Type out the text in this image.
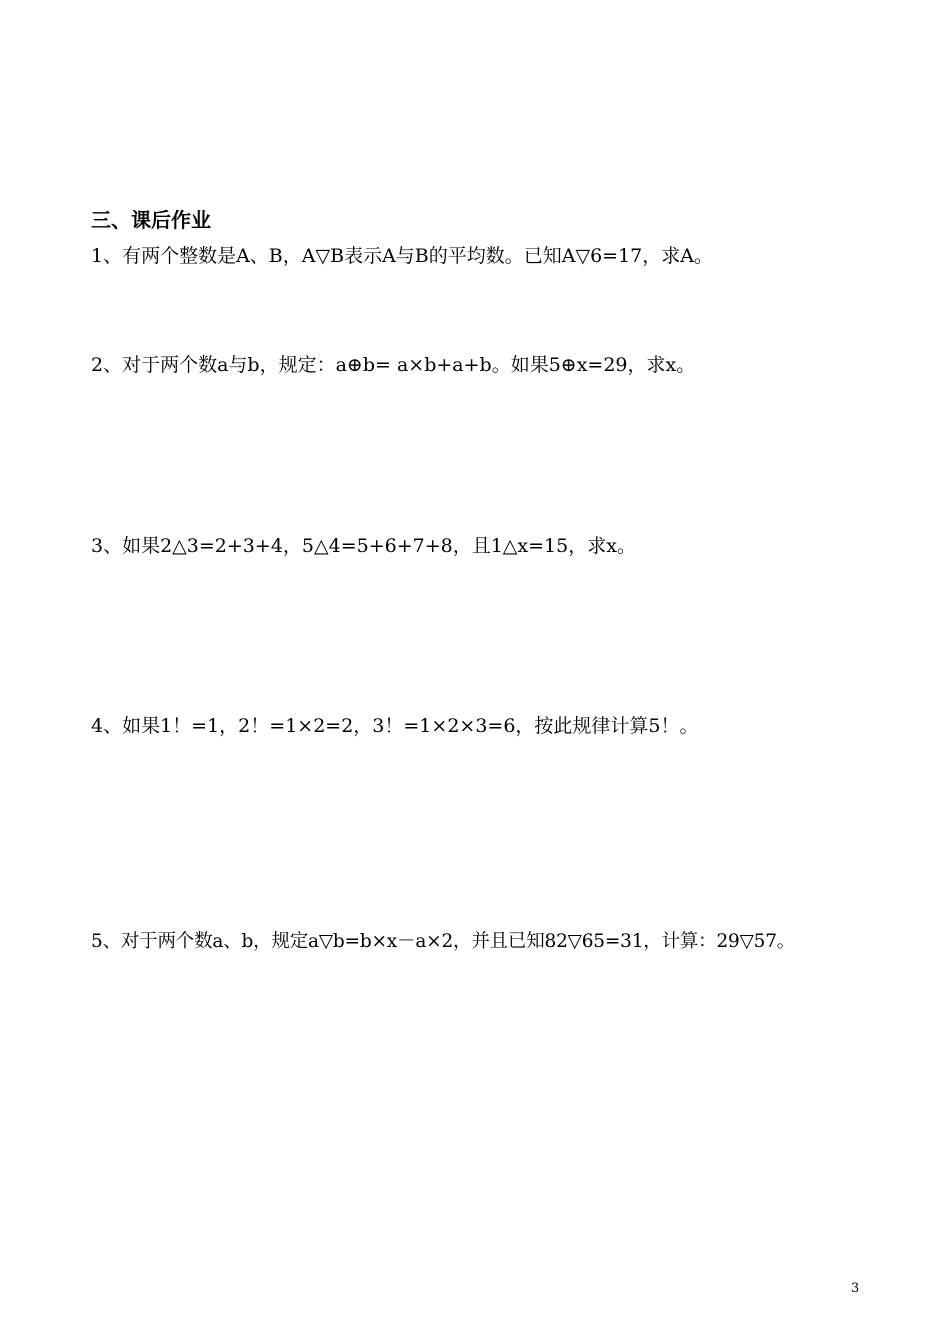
三、课后作业
1、有两个整数是A、B，A▽B表示A与B的平均数。已知A▽6=17，求A。
2、对于两个数a与b，规定：a⊕b= a×b+a+b。如果5⊕x=29，求x。
3、如果2△3=2+3+4，5△4=5+6+7+8，且1△x=15，求x。
4、如果1！=1，2！=1×2=2，3！=1×2×3=6，按此规律计算5！。
5、对于两个数a、b，规定a▽b=b×x－a×2，并且已知82▽65=31，计算：29▽57。
3
